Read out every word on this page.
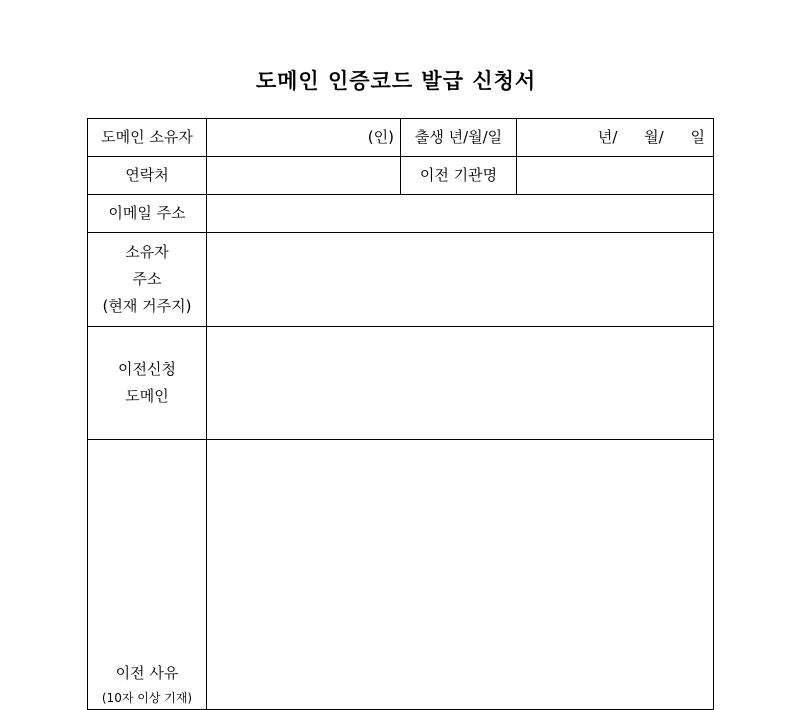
도메인 인증코드 발급 신청서
도메인 소유자	(인)	출생 년/월/일	년/ 월/ 일
연락처		이전 기관명	
이메일 주소			

소유자
주소
(현재 거주지)			

이전신청
도메인			

이전 사유
(10자 이상 기재)			
